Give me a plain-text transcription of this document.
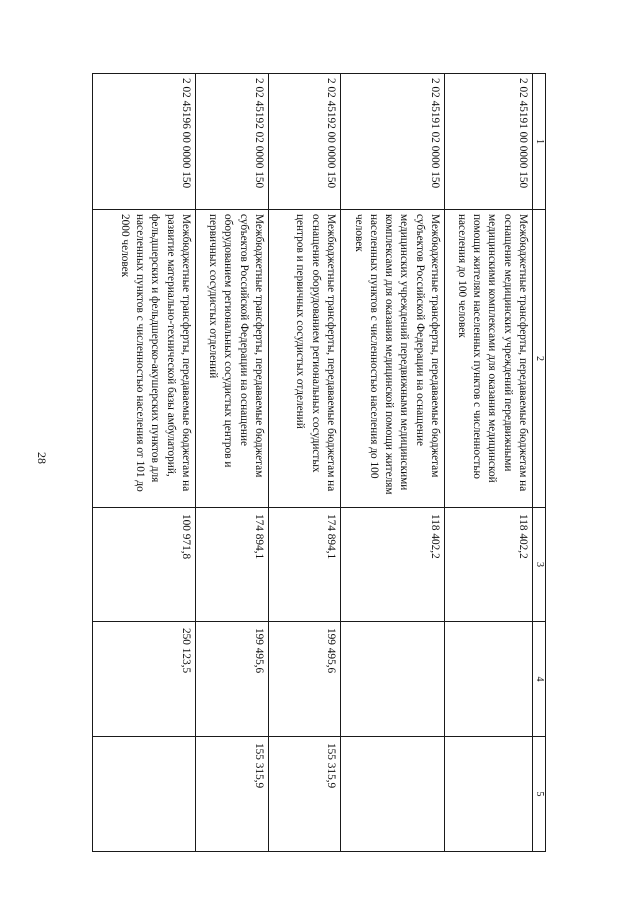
28
1	2	3	4	5
2 02 45191 00 0000 150	Межбюджетные трансферты, передаваемые бюджетам на оснащение медицинских учреждений передвижными медицинскими комплексами для оказания медицинской помощи жителям населенных пунктов с численностью населения до 100 человек	118 402,2		
2 02 45191 02 0000 150	Межбюджетные трансферты, передаваемые бюджетам субъектов Российской Федерации на оснащение медицинских учреждений передвижными медицинскими комплексами для оказания медицинской помощи жителям населенных пунктов с численностью населения до 100 человек	118 402,2		
2 02 45192 00 0000 150	Межбюджетные трансферты, передаваемые бюджетам на оснащение оборудованием региональных сосудистых центров и первичных сосудистых отделений	174 894,1	199 495,6	155 315,9
2 02 45192 02 0000 150	Межбюджетные трансферты, передаваемые бюджетам субъектов Российской Федерации на оснащение оборудованием региональных сосудистых центров и первичных сосудистых отделений	174 894,1	199 495,6	155 315,9
2 02 45196 00 0000 150	Межбюджетные трансферты, передаваемые бюджетам на развитие материально-технической базы амбулаторий, фельдшерских и фельдшерско-акушерских пунктов для населенных пунктов с численностью населения от 101 до 2000 человек	100 971,8	250 123,5	
